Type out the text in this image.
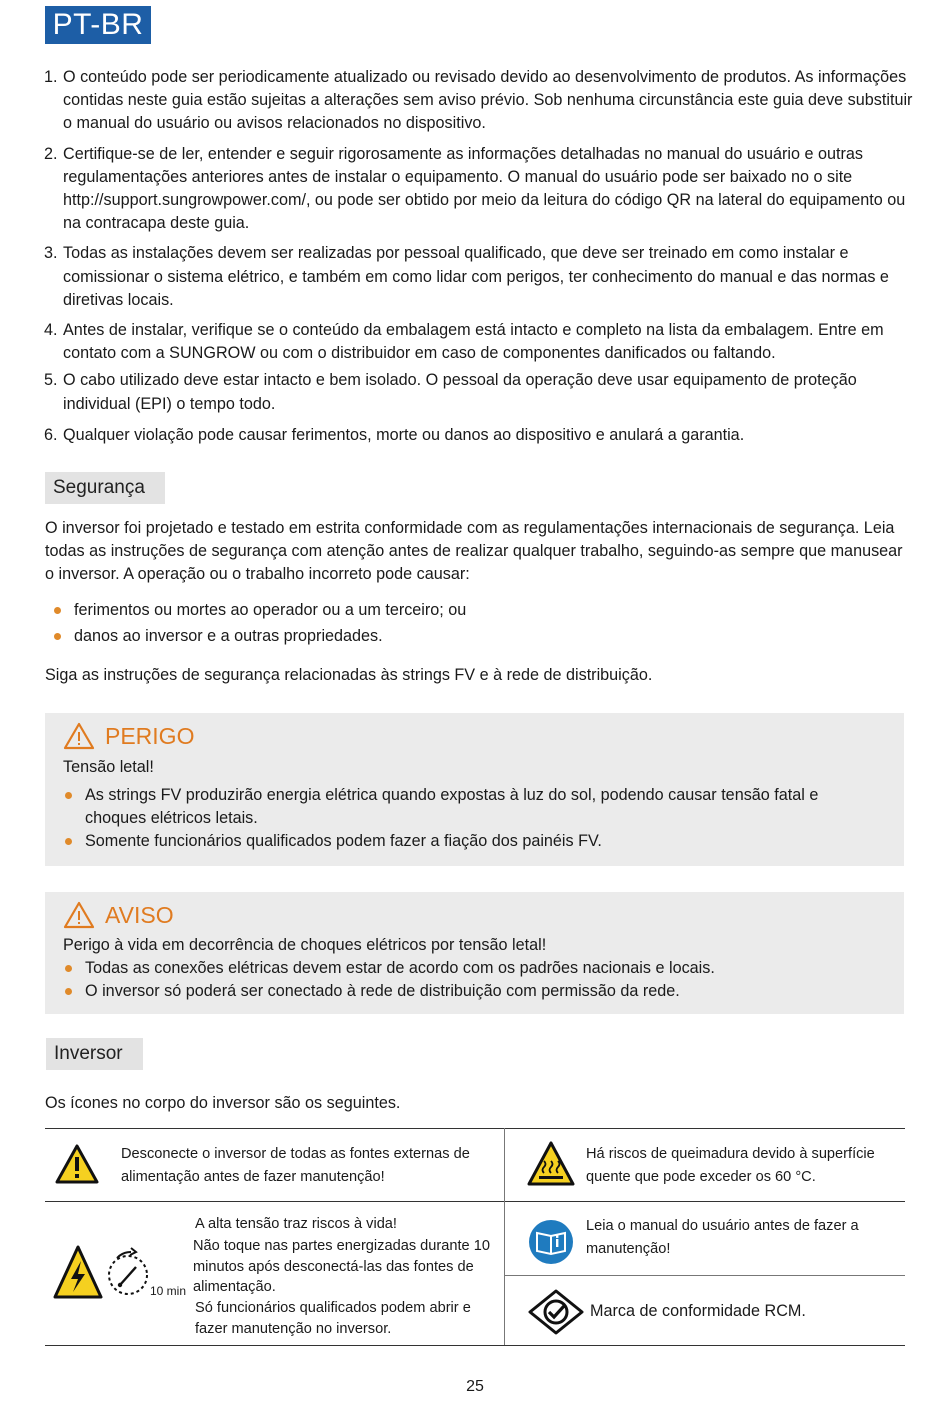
PT-BR
1. O conteúdo pode ser periodicamente atualizado ou revisado devido ao desenvolvimento de produtos. As informações contidas neste guia estão sujeitas a alterações sem aviso prévio. Sob nenhuma circunstância este guia deve substituir o manual do usuário ou avisos relacionados no dispositivo.
2. Certifique-se de ler, entender e seguir rigorosamente as informações detalhadas no manual do usuário e outras regulamentações anteriores antes de instalar o equipamento. O manual do usuário pode ser baixado no o site http://support.sungrowpower.com/, ou pode ser obtido por meio da leitura do código QR na lateral do equipamento ou na contracapa deste guia.
3. Todas as instalações devem ser realizadas por pessoal qualificado, que deve ser treinado em como instalar e comissionar o sistema elétrico, e também em como lidar com perigos, ter conhecimento do manual e das normas e diretivas locais.
4. Antes de instalar, verifique se o conteúdo da embalagem está intacto e completo na lista da embalagem. Entre em contato com a SUNGROW ou com o distribuidor em caso de componentes danificados ou faltando.
5. O cabo utilizado deve estar intacto e bem isolado. O pessoal da operação deve usar equipamento de proteção individual (EPI) o tempo todo.
6. Qualquer violação pode causar ferimentos, morte ou danos ao dispositivo e anulará a garantia.
Segurança

O inversor foi projetado e testado em estrita conformidade com as regulamentações internacionais de segurança. Leia todas as instruções de segurança com atenção antes de realizar qualquer trabalho, seguindo-as sempre que manusear o inversor. A operação ou o trabalho incorreto pode causar:

ferimentos ou mortes ao operador ou a um terceiro; ou
danos ao inversor e a outras propriedades.

Siga as instruções de segurança relacionadas às strings FV e à rede de distribuição.

PERIGO
Tensão letal!
As strings FV produzirão energia elétrica quando expostas à luz do sol, podendo causar tensão fatal e choques elétricos letais.
Somente funcionários qualificados podem fazer a fiação dos painéis FV.
AVISO
Perigo à vida em decorrência de choques elétricos por tensão letal!
Todas as conexões elétricas devem estar de acordo com os padrões nacionais e locais.
O inversor só poderá ser conectado à rede de distribuição com permissão da rede.
Inversor

Os ícones no corpo do inversor são os seguintes.

Desconecte o inversor de todas as fontes externas de alimentação antes de fazer manutenção!
Há riscos de queimadura devido à superfície quente que pode exceder os 60 °C.
10 min
A alta tensão traz riscos à vida!
Não toque nas partes energizadas durante 10 minutos após desconectá-las das fontes de alimentação.
Só funcionários qualificados podem abrir e fazer manutenção no inversor.
Leia o manual do usuário antes de fazer a manutenção!
Marca de conformidade RCM.
25
